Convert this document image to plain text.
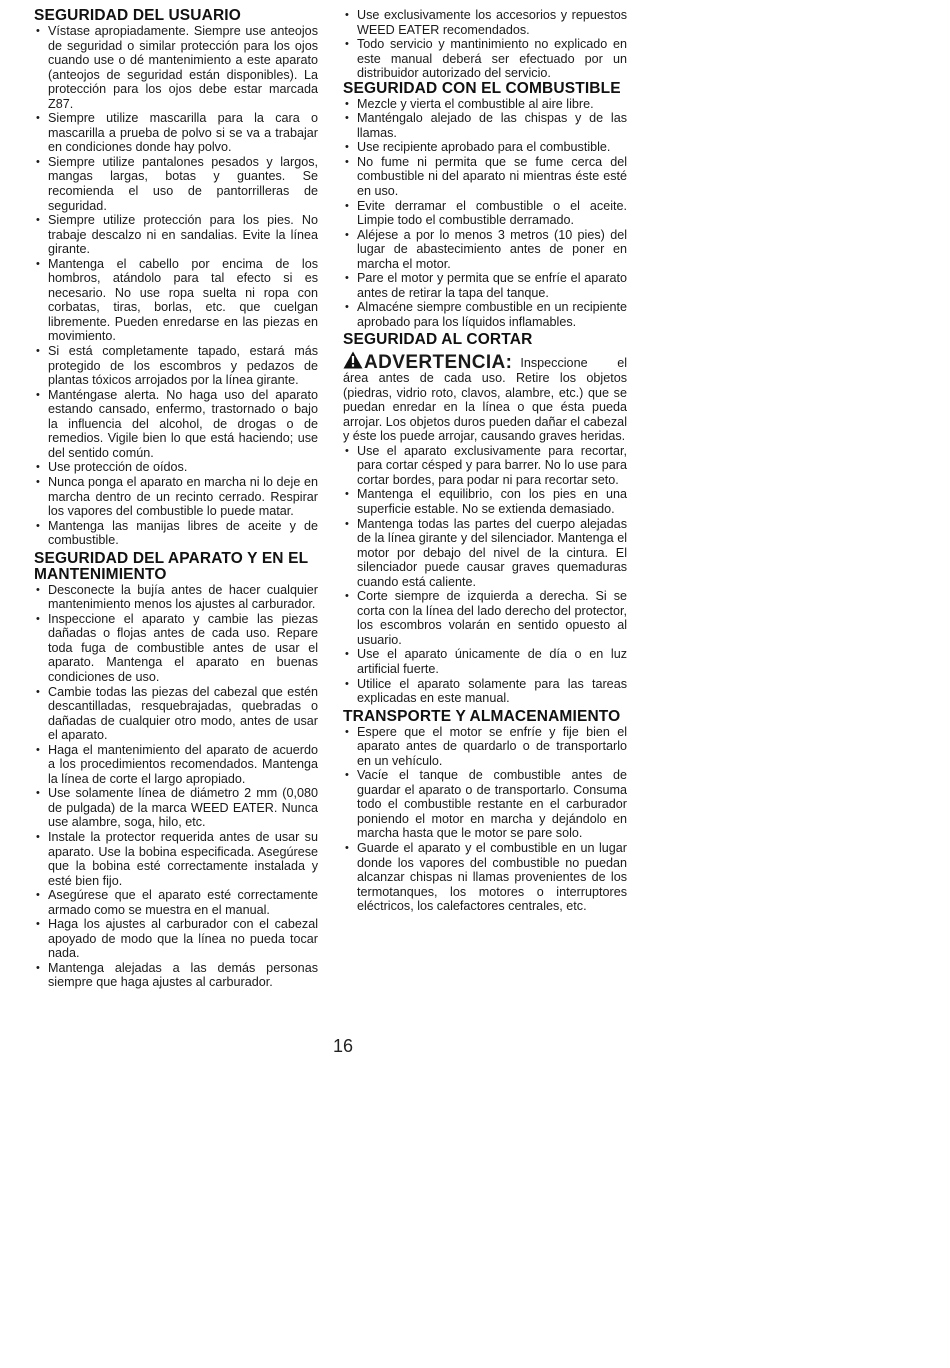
SEGURIDAD DEL USUARIO
• Vístase apropiadamente. Siempre use anteojos de seguridad o similar protección para los ojos cuando use o dé mantenimiento a este aparato (anteojos de seguridad están disponibles). La protección para los ojos debe estar marcada Z87.
• Siempre utilize mascarilla para la cara o mascarilla a prueba de polvo si se va a trabajar en condiciones donde hay polvo.
• Siempre utilize pantalones pesados y largos, mangas largas, botas y guantes. Se recomienda el uso de pantorrilleras de seguridad.
• Siempre utilize protección para los pies. No trabaje descalzo ni en sandalias. Evite la línea girante.
• Mantenga el cabello por encima de los hombros, atándolo para tal efecto si es necesario. No use ropa suelta ni ropa con corbatas, tiras, borlas, etc. que cuelgan libremente. Pueden enredarse en las piezas en movimiento.
• Si está completamente tapado, estará más protegido de los escombros y pedazos de plantas tóxicos arrojados por la línea girante.
• Manténgase alerta. No haga uso del aparato estando cansado, enfermo, trastornado o bajo la influencia del alcohol, de drogas o de remedios. Vigile bien lo que está haciendo; use del sentido común.
• Use protección de oídos.
• Nunca ponga el aparato en marcha ni lo deje en marcha dentro de un recinto cerrado. Respirar los vapores del combustible lo puede matar.
• Mantenga las manijas libres de aceite y de combustible.
SEGURIDAD DEL APARATO Y EN EL MANTENIMIENTO
• Desconecte la bujía antes de hacer cualquier mantenimiento menos los ajustes al carburador.
• Inspeccione el aparato y cambie las piezas dañadas o flojas antes de cada uso. Repare toda fuga de combustible antes de usar el aparato. Mantenga el aparato en buenas condiciones de uso.
• Cambie todas las piezas del cabezal que estén descantilladas, resquebrajadas, quebradas o dañadas de cualquier otro modo, antes de usar el aparato.
• Haga el mantenimiento del aparato de acuerdo a los procedimientos recomendados. Mantenga la línea de corte el largo apropiado.
• Use solamente línea de diámetro 2 mm (0,080 de pulgada) de la marca WEED EATER. Nunca use alambre, soga, hilo, etc.
• Instale la protector requerida antes de usar su aparato. Use la bobina especificada. Asegúrese que la bobina esté correctamente instalada y esté bien fijo.
• Asegúrese que el aparato esté correctamente armado como se muestra en el manual.
• Haga los ajustes al carburador con el cabezal apoyado de modo que la línea no pueda tocar nada.
• Mantenga alejadas a las demás personas siempre que haga ajustes al carburador.
• Use exclusivamente los accesorios y repuestos WEED EATER recomendados.
• Todo servicio y mantinimiento no explicado en este manual deberá ser efectuado por un distribuidor autorizado del servicio.
SEGURIDAD CON EL COMBUSTIBLE
• Mezcle y vierta el combustible al aire libre.
• Manténgalo alejado de las chispas y de las llamas.
• Use recipiente aprobado para el combustible.
• No fume ni permita que se fume cerca del combustible ni del aparato ni mientras éste esté en uso.
• Evite derramar el combustible o el aceite. Limpie todo el combustible derramado.
• Aléjese a por lo menos 3 metros (10 pies) del lugar de abastecimiento antes de poner en marcha el motor.
• Pare el motor y permita que se enfríe el aparato antes de retirar la tapa del tanque.
• Almacéne siempre combustible en un recipiente aprobado para los líquidos inflamables.
SEGURIDAD AL CORTAR

ADVERTENCIA: Inspeccione el área antes de cada uso. Retire los objetos (piedras, vidrio roto, clavos, alambre, etc.) que se puedan enredar en la línea o que ésta pueda arrojar. Los objetos duros pueden dañar el cabezal y éste los puede arrojar, causando graves heridas.

• Use el aparato exclusivamente para recortar, para cortar césped y para barrer. No lo use para cortar bordes, para podar ni para recortar seto.
• Mantenga el equilibrio, con los pies en una superficie estable. No se extienda demasiado.
• Mantenga todas las partes del cuerpo alejadas de la línea girante y del silenciador. Mantenga el motor por debajo del nivel de la cintura. El silenciador puede causar graves quemaduras cuando está caliente.
• Corte siempre de izquierda a derecha. Si se corta con la línea del lado derecho del protector, los escombros volarán en sentido opuesto al usuario.
• Use el aparato únicamente de día o en luz artificial fuerte.
• Utilice el aparato solamente para las tareas explicadas en este manual.
TRANSPORTE Y ALMACENAMIENTO
• Espere que el motor se enfríe y fije bien el aparato antes de quardarlo o de transportarlo en un vehículo.
• Vacíe el tanque de combustible antes de guardar el aparato o de transportarlo. Consuma todo el combustible restante en el carburador poniendo el motor en marcha y dejándolo en marcha hasta que le motor se pare solo.
• Guarde el aparato y el combustible en un lugar donde los vapores del combustible no puedan alcanzar chispas ni llamas provenientes de los termotanques, los motores o interruptores eléctricos, los calefactores centrales, etc.
16
